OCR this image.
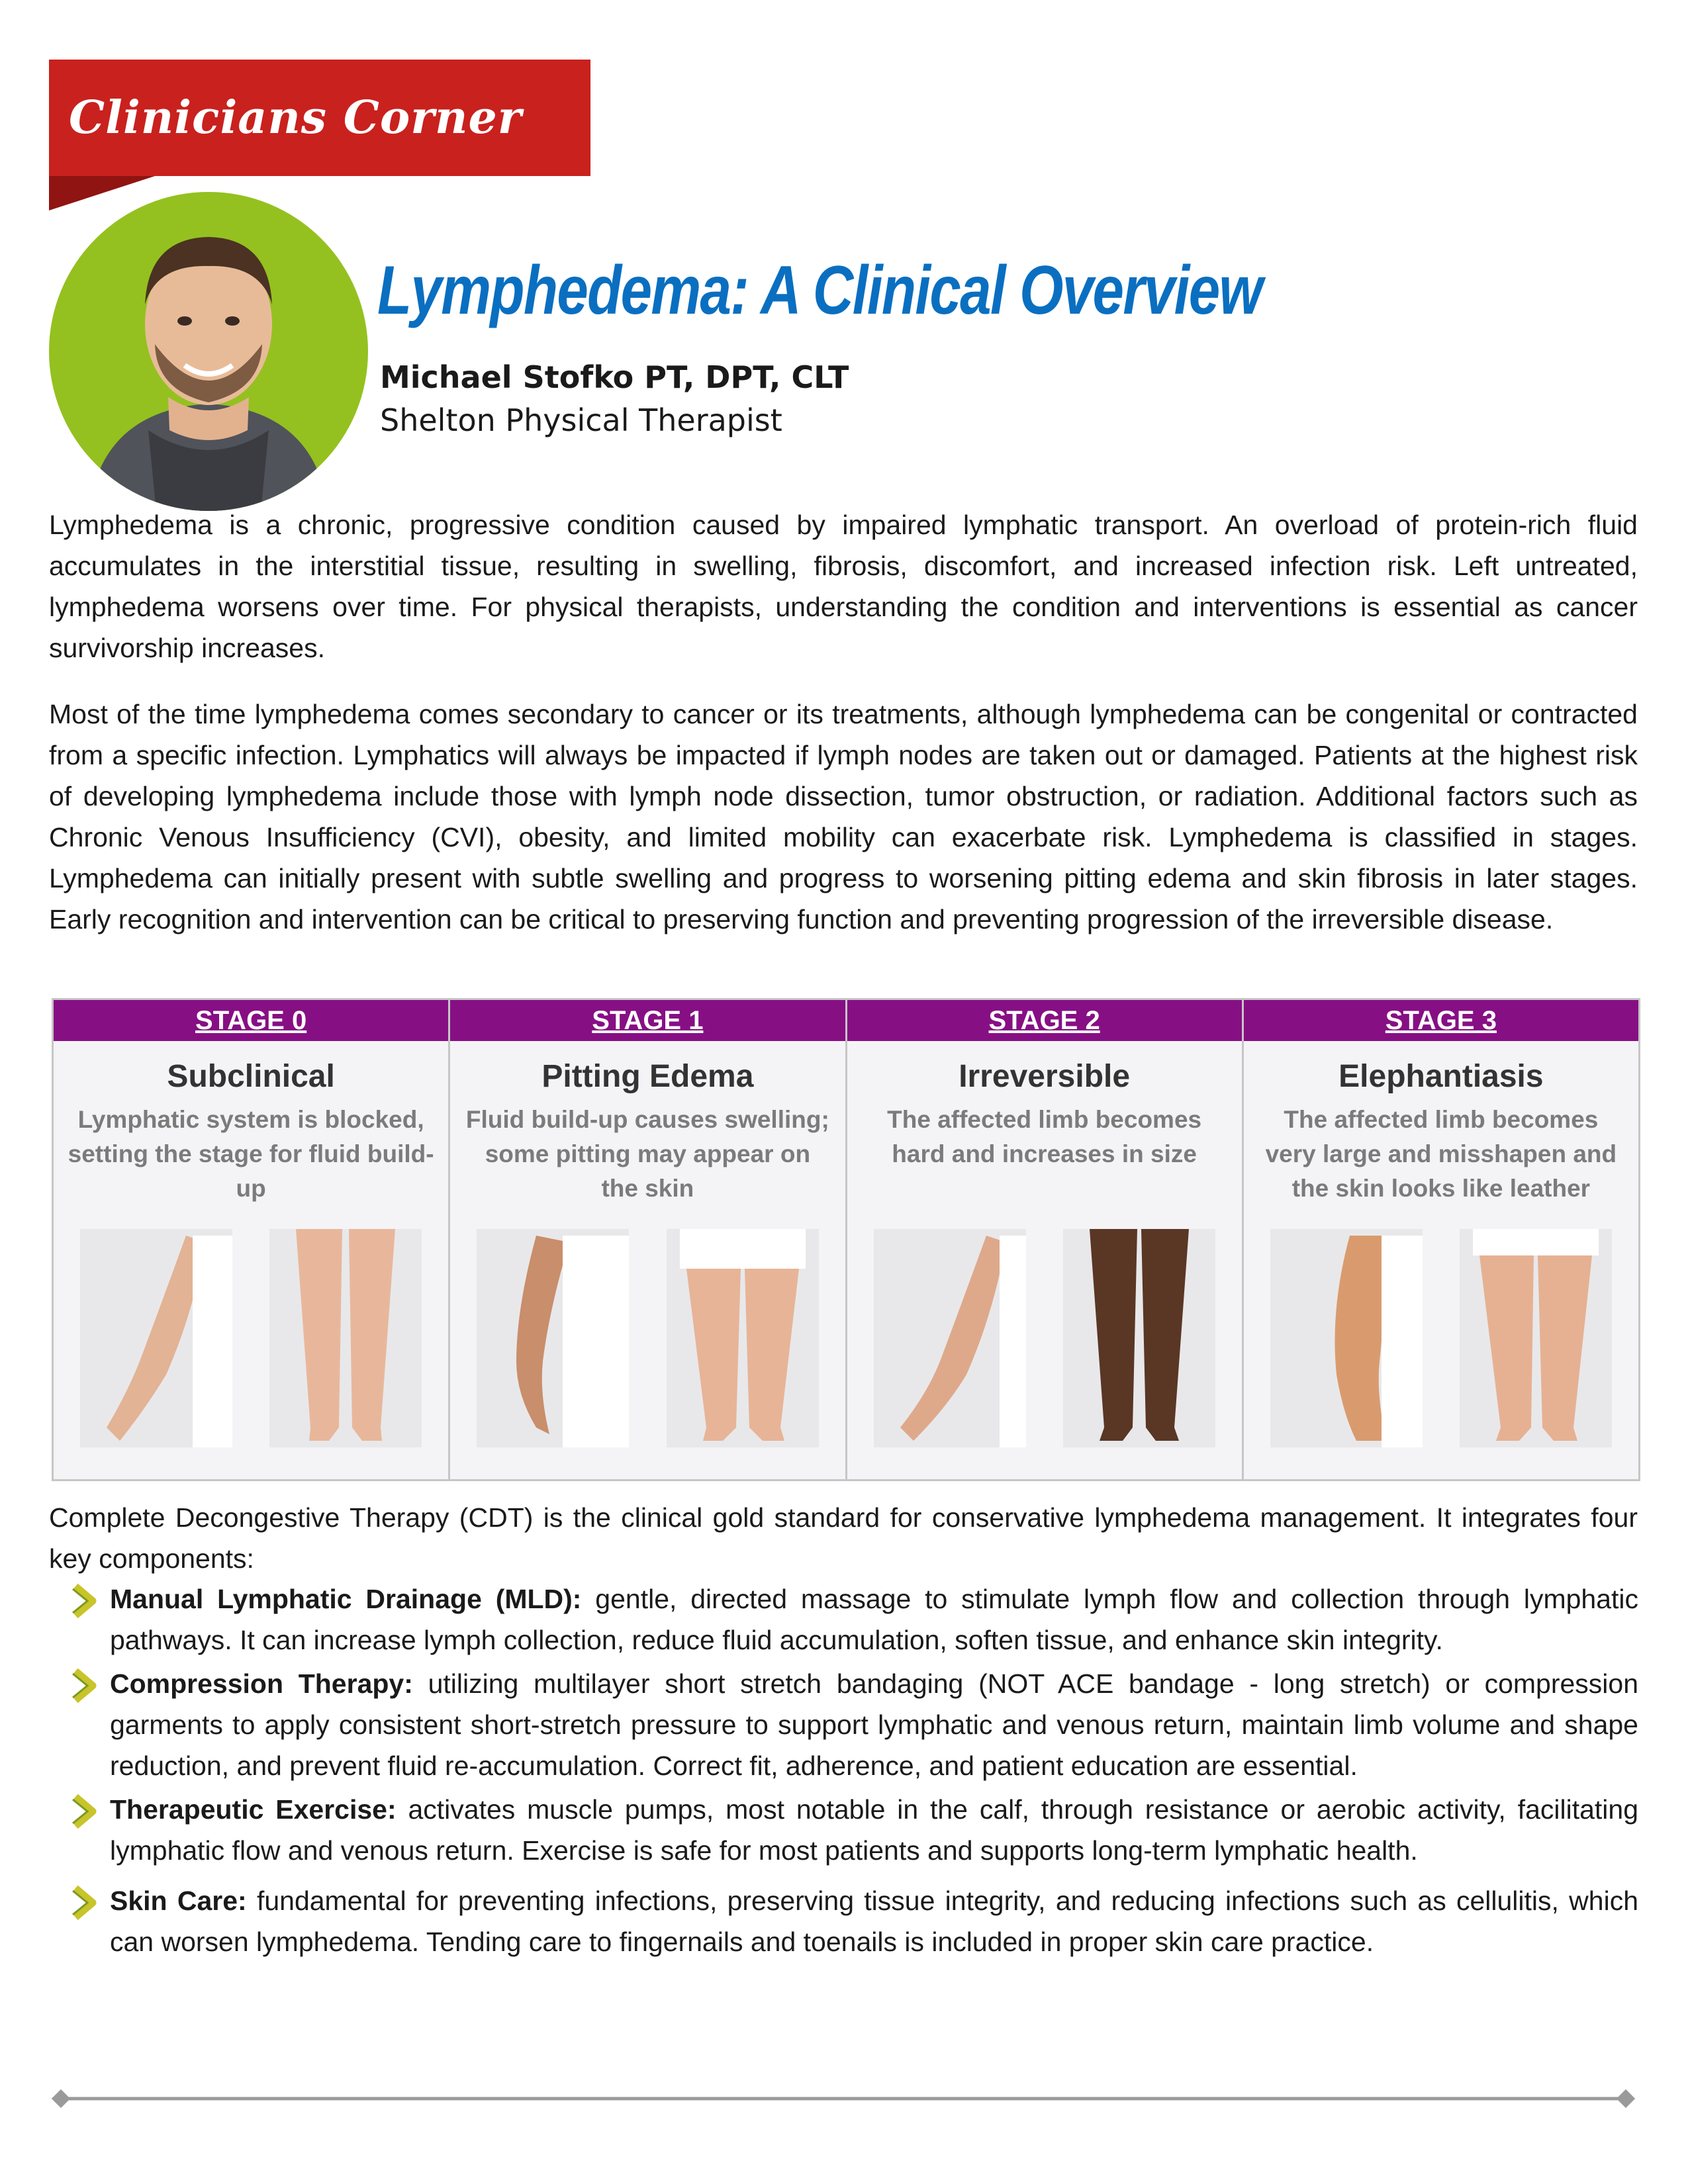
Clinicians Corner
Lymphedema: A Clinical Overview
Michael Stofko PT, DPT, CLT
Shelton Physical Therapist

Lymphedema is a chronic, progressive condition caused by impaired lymphatic transport. An overload of protein-rich fluid accumulates in the interstitial tissue, resulting in swelling, fibrosis, discomfort, and increased infection risk. Left untreated, lymphedema worsens over time. For physical therapists, understanding the condition and interventions is essential as cancer survivorship increases.

Most of the time lymphedema comes secondary to cancer or its treatments, although lymphedema can be congenital or contracted from a specific infection. Lymphatics will always be impacted if lymph nodes are taken out or damaged. Patients at the highest risk of developing lymphedema include those with lymph node dissection, tumor obstruction, or radiation. Additional factors such as Chronic Venous Insufficiency (CVI), obesity, and limited mobility can exacerbate risk. Lymphedema is classified in stages. Lymphedema can initially present with subtle swelling and progress to worsening pitting edema and skin fibrosis in later stages. Early recognition and intervention can be critical to preserving function and preventing progression of the irreversible disease.

STAGE 0
Subclinical
Lymphatic system is blocked, setting the stage for fluid build-up
STAGE 1
Pitting Edema
Fluid build-up causes swelling; some pitting may appear on the skin
STAGE 2
Irreversible
The affected limb becomes hard and increases in size
STAGE 3
Elephantiasis
The affected limb becomes very large and misshapen and the skin looks like leather

Complete Decongestive Therapy (CDT) is the clinical gold standard for conservative lymphedema management. It integrates four key components:

Manual Lymphatic Drainage (MLD): gentle, directed massage to stimulate lymph flow and collection through lymphatic pathways. It can increase lymph collection, reduce fluid accumulation, soften tissue, and enhance skin integrity.
Compression Therapy: utilizing multilayer short stretch bandaging (NOT ACE bandage - long stretch) or compression garments to apply consistent short-stretch pressure to support lymphatic and venous return, maintain limb volume and shape reduction, and prevent fluid re-accumulation. Correct fit, adherence, and patient education are essential.
Therapeutic Exercise: activates muscle pumps, most notable in the calf, through resistance or aerobic activity, facilitating lymphatic flow and venous return. Exercise is safe for most patients and supports long-term lymphatic health.
Skin Care: fundamental for preventing infections, preserving tissue integrity, and reducing infections such as cellulitis, which can worsen lymphedema. Tending care to fingernails and toenails is included in proper skin care practice.
